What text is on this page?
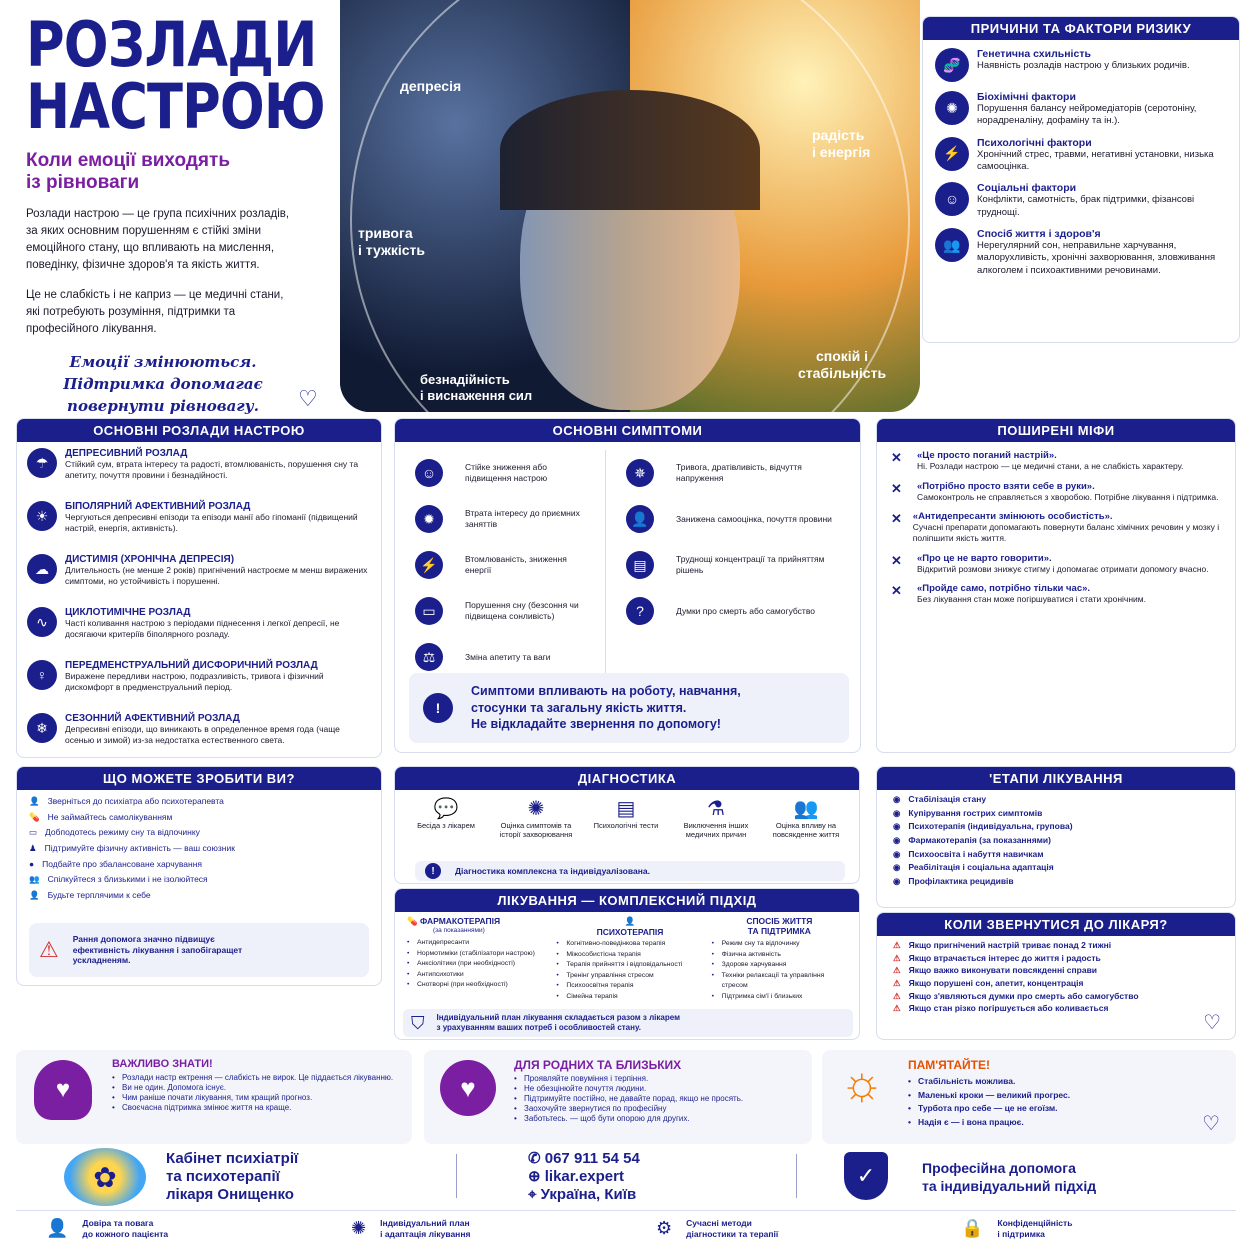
РОЗЛАДИ
НАСТРОЮ
Коли емоції виходять
із рівноваги

Розлади настрою — це група психічних розладів, за яких основним порушенням є стійкі зміни емоційного стану, що впливають на мислення, поведінку, фізичне здоров'я та якість життя.

Це не слабкість і не каприз — це медичні стани, які потребують розуміння, підтримки та професійного лікування.

Емоції змінюються.
Підтримка допомагає
повернути рівновагу.	♡
депресія
тривога
і тужкість
безнадійність
і виснаження сил
радість
і енергія
спокій і
стабільність
ПРИЧИНИ ТА ФАКТОРИ РИЗИКУ
🧬
Генетична схильність
Наявність розладів настрою у близьких родичів.
✺
Біохімічні фактори
Порушення балансу нейромедіаторів (серотоніну, норадреналіну, дофаміну та ін.).
⚡
Психологічні фактори
Хронічний стрес, травми, негативні установки, низька самооцінка.
☺
Соціальні фактори
Конфлікти, самотність, брак підтримки, фізансові труднощі.
👥
Спосіб життя і здоров'я
Нерегулярний сон, неправильне харчування, малорухливість, хронічні захворювання, зловживання алкоголем і психоактивними речовинами.
ОСНОВНІ РОЗЛАДИ НАСТРОЮ
☂
ДЕПРЕСИВНИЙ РОЗЛАД
Стійкий сум, втрата інтересу та радості, втомлюваність, порушення сну та апетиту, почуття провини і безнадійності.
☀
БІПОЛЯРНИЙ АФЕКТИВНИЙ РОЗЛАД
Чергуються депресивні епізоди та епізоди манії або гіпоманії (підвищений настрій, енергія, активність).
☁
ДИСТИМІЯ (ХРОНІЧНА ДЕПРЕСІЯ)
Длительность (не менше 2 років) пригнічений настроєме м менш виражених симптоми, но устойчивість і порушенні.
∿
ЦИКЛОТИМІЧНЕ РОЗЛАД
Часті коливання настрою з періодами піднесення і легкої депресії, не досягаючи критеріїв біполярного розладу.
♀
ПЕРЕДМЕНСТРУАЛЬНИЙ ДИСФОРИЧНИЙ РОЗЛАД
Виражене передливи настрою, подразливість, тривога і фізичний дискомфорт в предменструальний період.
❄
СЕЗОННИЙ АФЕКТИВНИЙ РОЗЛАД
Депресивні епізоди, що виникають в определенное время года (чаще осенью и зимой) из-за недостатка естественного света.
ОСНОВНІ СИМПТОМИ
☺	Стійке зниження або підвищення настрою
✹	Втрата інтересу до приємних заняттів
⚡	Втомлюваність, зниження енергії
▭	Порушення сну (безсоння чи підвищена сонливість)
⚖	Зміна апетиту та ваги
✵	Тривога, дратівливість, відчуття напруження
👤	Занижена самооцінка, почуття провини
▤	Труднощі концентрації та прийняттям рішень
?	Думки про смерть або самогубство
!
Симптоми впливають на роботу, навчання,
стосунки та загальну якість життя.
Не відкладайте звернення по допомогу!
ПОШИРЕНІ МІФИ
✕	«Це просто поганий настрій».
Ні. Розлади настрою — це медичні стани, а не слабкість характеру.
✕	«Потрібно просто взяти себе в руки».
Самоконтроль не справляється з хворобою. Потрібне лікування і підтримка.
✕	«Антидепресанти змінюють особистість».
Сучасні препарати допомагають повернути баланс хімічних речовин у мозку і поліпшити якість життя.
✕	«Про це не варто говорити».
Відкритий розмови знижує стигму і допомагає отримати допомогу вчасно.
✕	«Пройде само, потрібно тільки час».
Без лікування стан може погіршуватися і стати хронічним.
ЩО МОЖЕТЕ ЗРОБИТИ ВИ?
👤 Зверніться до психіатра або психотерапевта
💊 Не займайтесь самолікуванням
▭ Добподотесь режиму сну та відпочинку
♟ Підтримуйте фізичну активність — ваш союзник
● Подбайте про збалансоване харчування
👥 Спілкуйтеся з близькими і не ізолюйтеся
👤 Будьте терплячими к себе
⚠ Рання допомога значно підвищує
ефективність лікування і запобігаращет
ускладненям.
ДІАГНОСТИКА
💬
Бесіда з лікарем
✺
Оцінка симптомів та історії захворювання
▤
Психологічні тести
⚗
Виключення інших медичних причин
👥
Оцінка впливу на повсякденне життя
!	Діагностика комплексна та індивідуалізована.
ЛІКУВАННЯ — КОМПЛЕКСНИЙ ПІДХІД
💊 ФАРМАКОТЕРАПІЯ
(за показаннями)
• Антидепресанти
• Нормотиміки (стабілізатори настрою)
• Анксіолітики (при необхідності)
• Антипсихотики
• Снотворні (при необхідності)
👤
ПСИХОТЕРАПІЯ
• Когнітивно-поведінкова терапія
• Міжособистісна терапія
• Терапія прийняття і відповідальності
• Тренінг управління стресом
• Психоосвітня терапія
• Сімейна терапія
СПОСІБ ЖИТТЯ
ТА ПІДТРИМКА
• Режим сну та відпочинку
• Фізична активність
• Здорове харчування
• Техніки релаксації та управління стресом
• Підтримка сім'ї і близьких
⛉ Індивідуальний план лікування складається разом з лікарем
з урахуванням ваших потреб і особливостей стану.
'ЕТАПИ ЛІКУВАННЯ
◉ Стабілізація стану
◉ Купірування гострих симптомів
◉ Психотерапія (індивідуальна, групова)
◉ Фармакотерапія (за показаннями)
◉ Психоосвіта і набуття навичкам
◉ Реабілітація і соціальна адаптація
◉ Профілактика рецидивів
КОЛИ ЗВЕРНУТИСЯ ДО ЛІКАРЯ?
⚠ Якщо пригнічений настрій триває понад 2 тижні
⚠ Якщо втрачається інтерес до життя і радость
⚠ Якщо важко виконувати повсякденні справи
⚠ Якщо порушені сон, апетит, концентрація
⚠ Якщо з'являються думки про смерть або самогубство
⚠ Якщо стан різко погіршується або коливається
♡
♥
ВАЖЛИВО ЗНАТИ!
• Розлади настр ектрення — слабкість не вирок. Це піддається лікуванню.
• Ви не один. Допомога існує.
• Чим раніше почати лікування, тим кращий прогноз.
• Своєчасна підтримка змінює життя на краще.
♥
ДЛЯ РОДНИХ ТА БЛИЗЬКИХ
• Проявляйте повуміння і терпіння.
• Не обезцінюйте почуття людини.
• Підтримуйте постійно, не давайте порад, якщо не просять.
• Заохочуйте звернутися по професійну
• Заботьтесь. — щоб бути опорою для других.
☼ ПАМ'ЯТАЙТЕ!
• Стабільність можлива.
• Маленькі кроки — великий прогрес.
• Турбота про себе — це не егоїзм.
• Надія є — і вона працює.	♡
✿
Кабінет психіатрії
та психотерапії
лікаря Онищенко
✆ 067 911 54 54
⊕ likar.expert
⌖ Україна, Київ
✓	Професійна допомога
та індивідуальний підхід
👤 Довіра та повага
до кожного пацієнта	✺ Індивідуальний план
і адаптація лікування	⚙ Сучасні методи
діагностики та терапії	🔒 Конфіденційність
і підтримка
